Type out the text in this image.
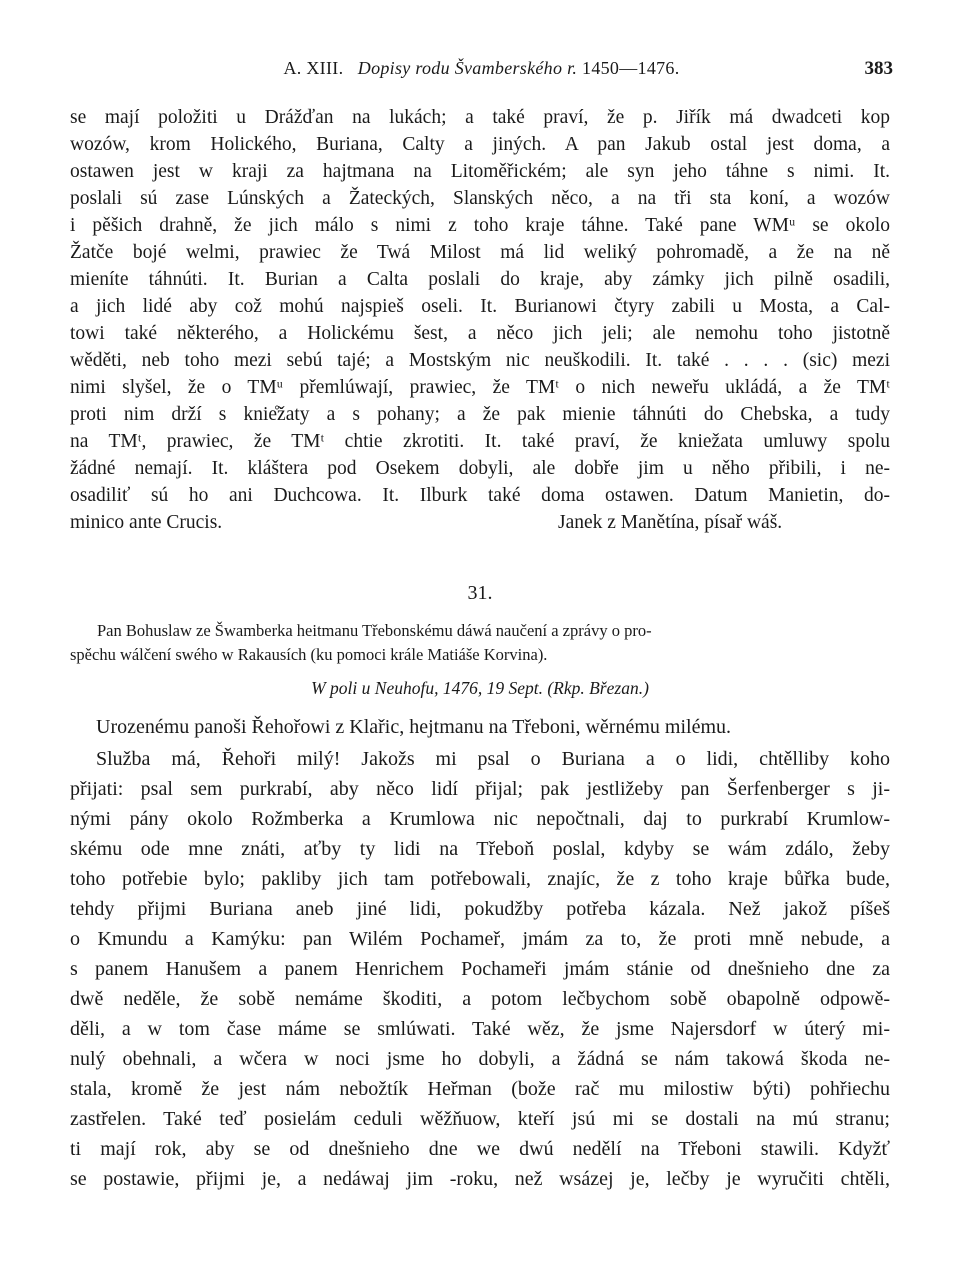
A. XIII. Dopisy rodu Švamberského r. 1450—1476.	383
se mají položiti u Drážďan na lukách; a také praví, že p. Jiřík má dwadceti kop
wozów, krom Holického, Buriana, Calty a jiných. A pan Jakub ostal jest doma, a
ostawen jest w kraji za hajtmana na Litoměřickém; ale syn jeho táhne s nimi. It.
poslali sú zase Lúnských a Žateckých, Slanských něco, a na tři sta koní, a wozów
i pěšich drahně, že jich málo s nimi z toho kraje táhne. Také pane WMᵘ se okolo
Žatče bojé welmi, prawiec že Twá Milost má lid weliký pohromadě, a že na ně
mieníte táhnúti. It. Burian a Calta poslali do kraje, aby zámky jich pilně osadili,
a jich lidé aby což mohú najspieš oseli. It. Burianowi čtyry zabili u Mosta, a Cal-
towi také některého, a Holickému šest, a něco jich jeli; ale nemohu toho jistotně
wěděti, neb toho mezi sebú tajé; a Mostským nic neuškodili. It. také . . . . (sic) mezi
nimi slyšel, že o TMᵘ přemlúwají, prawiec, že TMᵗ o nich neweřu ukládá, a že TMᵗ
proti nim drží s knie̊žaty a s pohany; a že pak mienie táhnúti do Chebska, a tudy
na TMᵗ, prawiec, že TMᵗ chtie zkrotiti. It. také praví, že kniežata umluwy spolu
žádné nemají. It. kláštera pod Osekem dobyli, ale dobře jim u něho přibili, i ne-
osadiliť sú ho ani Duchcowa. It. Ilburk také doma ostawen. Datum Manietin, do-
minico ante Crucis.	Janek z Manětína, písař wáš.
31.
Pan Bohuslaw ze Šwamberka heitmanu Třebonskému dáwá naučení a zprávy o pro-
spěchu wálčení swého w Rakausích (ku pomoci krále Matiáše Korvina).
W poli u Neuhofu, 1476, 19 Sept. (Rkp. Březan.)
Urozenému panoši Řehořowi z Klařic, hejtmanu na Třeboni, wěrnému milému.
Služba má, Řehoři milý! Jakožs mi psal o Buriana a o lidi, chtělliby koho
přijati: psal sem purkrabí, aby něco lidí přijal; pak jestližeby pan Šerfenberger s ji-
nými pány okolo Rožmberka a Krumlowa nic nepočtnali, daj to purkrabí Krumlow-
skému ode mne znáti, aťby ty lidi na Třeboň poslal, kdyby se wám zdálo, žeby
toho potřebie bylo; pakliby jich tam potřebowali, znajíc, že z toho kraje bůřka bude,
tehdy přijmi Buriana aneb jiné lidi, pokudžby potřeba kázala. Než jakož píšeš
o Kmundu a Kamýku: pan Wilém Pochameř, jmám za to, že proti mně nebude, a
s panem Hanušem a panem Henrichem Pochameři jmám stánie od dnešnieho dne za
dwě neděle, že sobě nemáme škoditi, a potom lečbychom sobě obapolně odpowě-
děli, a w tom čase máme se smlúwati. Také wěz, že jsme Najersdorf w úterý mi-
nulý obehnali, a wčera w noci jsme ho dobyli, a žádná se nám takowá škoda ne-
stala, kromě že jest nám nebožtík Heřman (bože rač mu milostiw býti) pohřiechu
zastřelen. Také teď posielám ceduli wěžňuow, kteří jsú mi se dostali na mú stranu;
ti mají rok, aby se od dnešnieho dne we dwú nedělí na Třeboni stawili. Kdyžť
se postawie, přijmi je, a nedáwaj jim -roku, než wsázej je, lečby je wyručiti chtěli,
